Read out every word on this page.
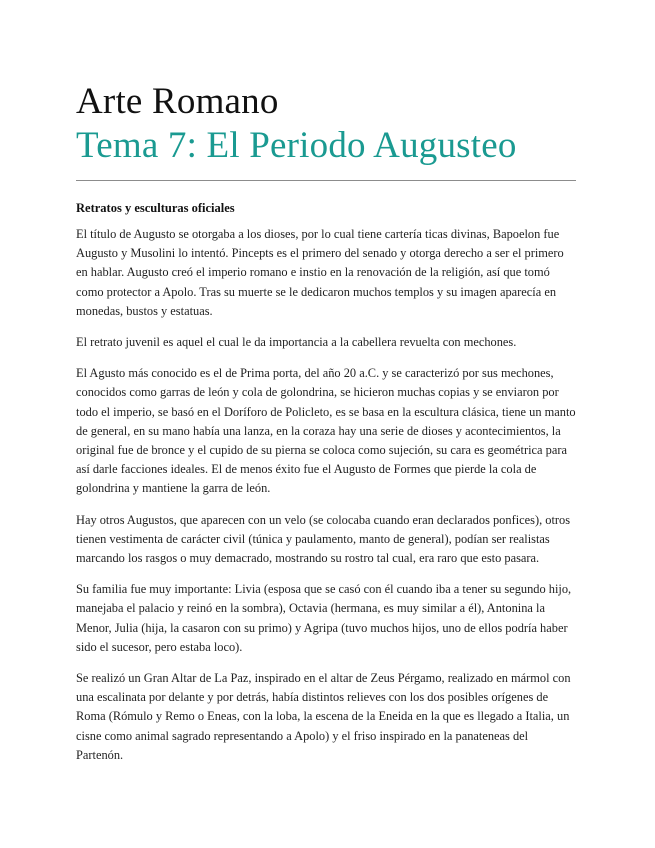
Arte Romano
Tema 7: El Periodo Augusteo
Retratos y esculturas oficiales

El título de Augusto se otorgaba a los dioses, por lo cual tiene cartería ticas divinas, Bapoelon fue Augusto y Musolini lo intentó. Pincepts es el primero del senado y otorga derecho a ser el primero en hablar. Augusto creó el imperio romano e instio en la renovación de la religión, así que tomó como protector a Apolo. Tras su muerte se le dedicaron muchos templos y su imagen aparecía en monedas, bustos y estatuas.

El retrato juvenil es aquel el cual le da importancia a la cabellera revuelta con mechones.

El Agusto más conocido es el de Prima porta, del año 20 a.C. y se caracterizó por sus mechones, conocidos como garras de león y cola de golondrina, se hicieron muchas copias y se enviaron por todo el imperio, se basó en el Doríforo de Policleto, es se basa en la escultura clásica, tiene un manto de general, en su mano había una lanza, en la coraza hay una serie de dioses y acontecimientos, la original fue de bronce y el cupido de su pierna se coloca como sujeción, su cara es geométrica para así darle facciones ideales. El de menos éxito fue el Augusto de Formes que pierde la cola de golondrina y mantiene la garra de león.

Hay otros Augustos, que aparecen con un velo (se colocaba cuando eran declarados ponfices), otros tienen vestimenta de carácter civil (túnica y paulamento, manto de general), podían ser realistas marcando los rasgos o muy demacrado, mostrando su rostro tal cual, era raro que esto pasara.

Su familia fue muy importante: Livia (esposa que se casó con él cuando iba a tener su segundo hijo, manejaba el palacio y reinó en la sombra), Octavia (hermana, es muy similar a él), Antonina la Menor, Julia (hija, la casaron con su primo) y Agripa (tuvo muchos hijos, uno de ellos podría haber sido el sucesor, pero estaba loco).

Se realizó un Gran Altar de La Paz, inspirado en el altar de Zeus Pérgamo, realizado en mármol con una escalinata por delante y por detrás, había distintos relieves con los dos posibles orígenes de Roma (Rómulo y Remo o Eneas, con la loba, la escena de la Eneida en la que es llegado a Italia, un cisne como animal sagrado representando a Apolo) y el friso inspirado en la panateneas del Partenón.
